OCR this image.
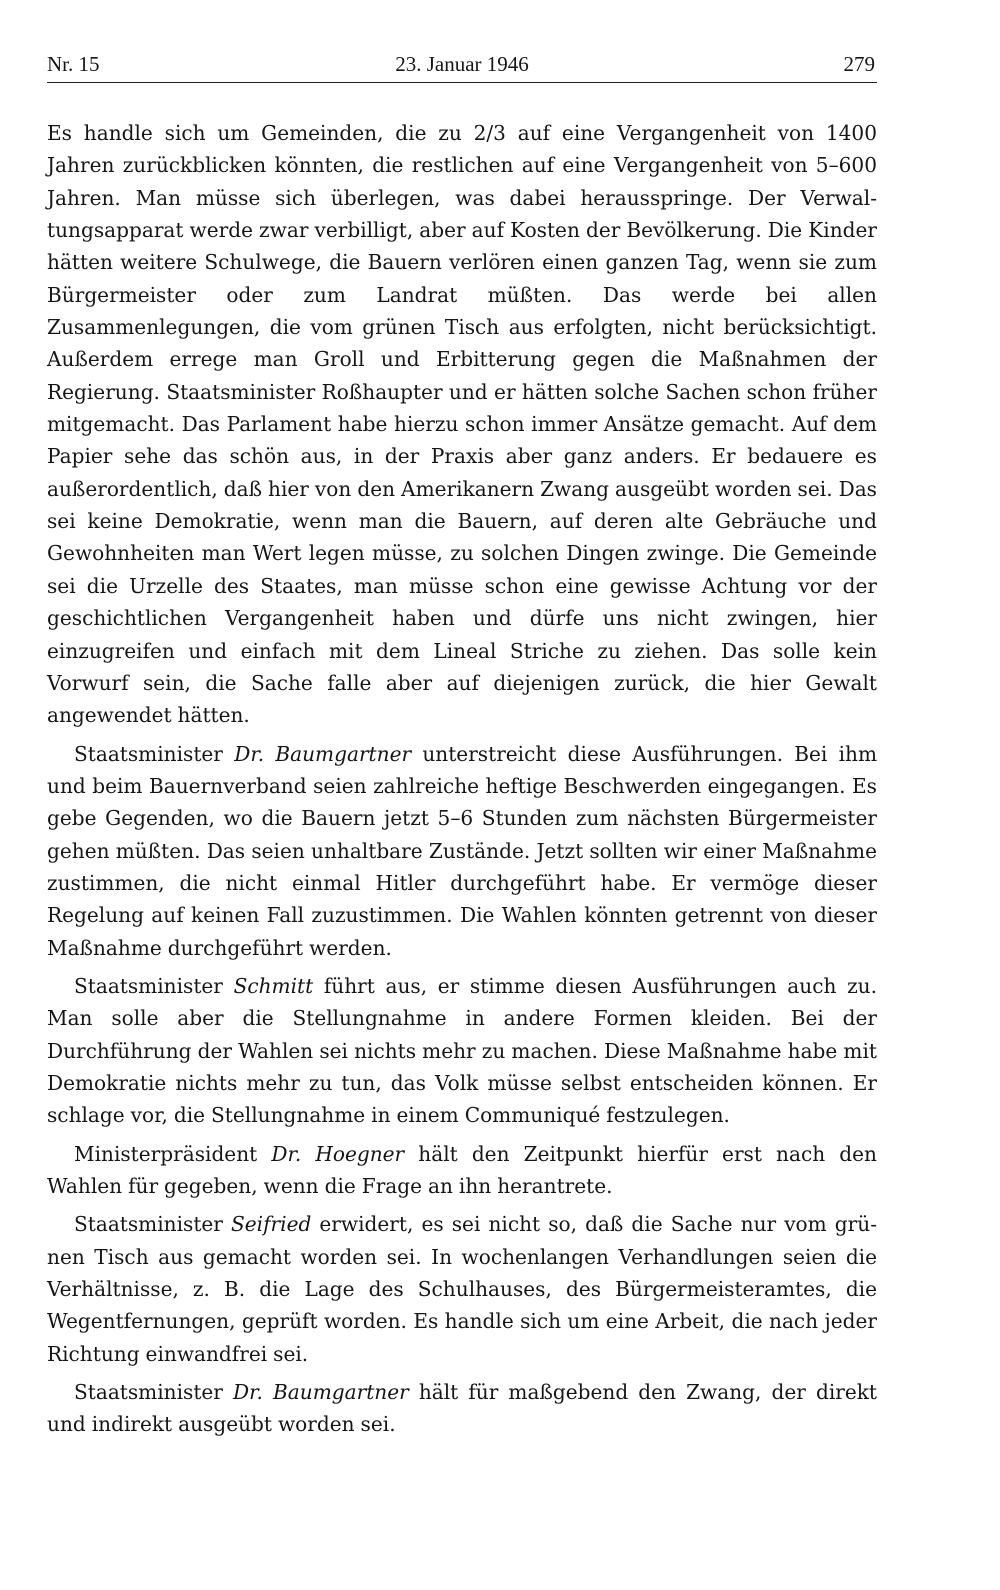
Nr. 15	23. Januar 1946	279

Es handle sich um Gemeinden, die zu 2/3 auf eine Vergangenheit von 1400 Jahren zurückblicken könnten, die restlichen auf eine Vergangenheit von 5–600 Jahren. Man müsse sich überlegen, was dabei herausspringe. Der Verwaltungsapparat werde zwar verbilligt, aber auf Kosten der Bevölkerung. Die Kinder hätten weitere Schulwege, die Bauern verlören einen ganzen Tag, wenn sie zum Bürgermeister oder zum Landrat müßten. Das werde bei allen Zusammenlegungen, die vom grünen Tisch aus erfolgten, nicht berücksichtigt. Außerdem errege man Groll und Erbitterung gegen die Maßnahmen der Regierung. Staatsminister Roßhaupter und er hätten solche Sachen schon früher mitgemacht. Das Parlament habe hierzu schon immer Ansätze gemacht. Auf dem Papier sehe das schön aus, in der Praxis aber ganz anders. Er bedauere es außerordentlich, daß hier von den Amerikanern Zwang ausgeübt worden sei. Das sei keine Demokratie, wenn man die Bauern, auf deren alte Gebräuche und Gewohnheiten man Wert legen müsse, zu solchen Dingen zwinge. Die Gemeinde sei die Urzelle des Staates, man müsse schon eine gewisse Achtung vor der geschichtlichen Vergangenheit haben und dürfe uns nicht zwingen, hier einzugreifen und einfach mit dem Lineal Striche zu ziehen. Das solle kein Vorwurf sein, die Sache falle aber auf diejenigen zurück, die hier Gewalt angewendet hätten.

Staatsminister Dr. Baumgartner unterstreicht diese Ausführungen. Bei ihm und beim Bauernverband seien zahlreiche heftige Beschwerden eingegangen. Es gebe Gegenden, wo die Bauern jetzt 5–6 Stunden zum nächsten Bürgermeister gehen müßten. Das seien unhaltbare Zustände. Jetzt sollten wir einer Maßnahme zustimmen, die nicht einmal Hitler durchgeführt habe. Er vermöge dieser Regelung auf keinen Fall zuzustimmen. Die Wahlen könnten getrennt von dieser Maßnahme durchgeführt werden.

Staatsminister Schmitt führt aus, er stimme diesen Ausführungen auch zu. Man solle aber die Stellungnahme in andere Formen kleiden. Bei der Durchführung der Wahlen sei nichts mehr zu machen. Diese Maßnahme habe mit Demokratie nichts mehr zu tun, das Volk müsse selbst entscheiden können. Er schlage vor, die Stellungnahme in einem Communiqué festzulegen.

Ministerpräsident Dr. Hoegner hält den Zeitpunkt hierfür erst nach den Wahlen für gegeben, wenn die Frage an ihn herantrete.

Staatsminister Seifried erwidert, es sei nicht so, daß die Sache nur vom grünen Tisch aus gemacht worden sei. In wochenlangen Verhandlungen seien die Verhältnisse, z. B. die Lage des Schulhauses, des Bürgermeisteramtes, die Wegentfernungen, geprüft worden. Es handle sich um eine Arbeit, die nach jeder Richtung einwandfrei sei.

Staatsminister Dr. Baumgartner hält für maßgebend den Zwang, der direkt und indirekt ausgeübt worden sei.
